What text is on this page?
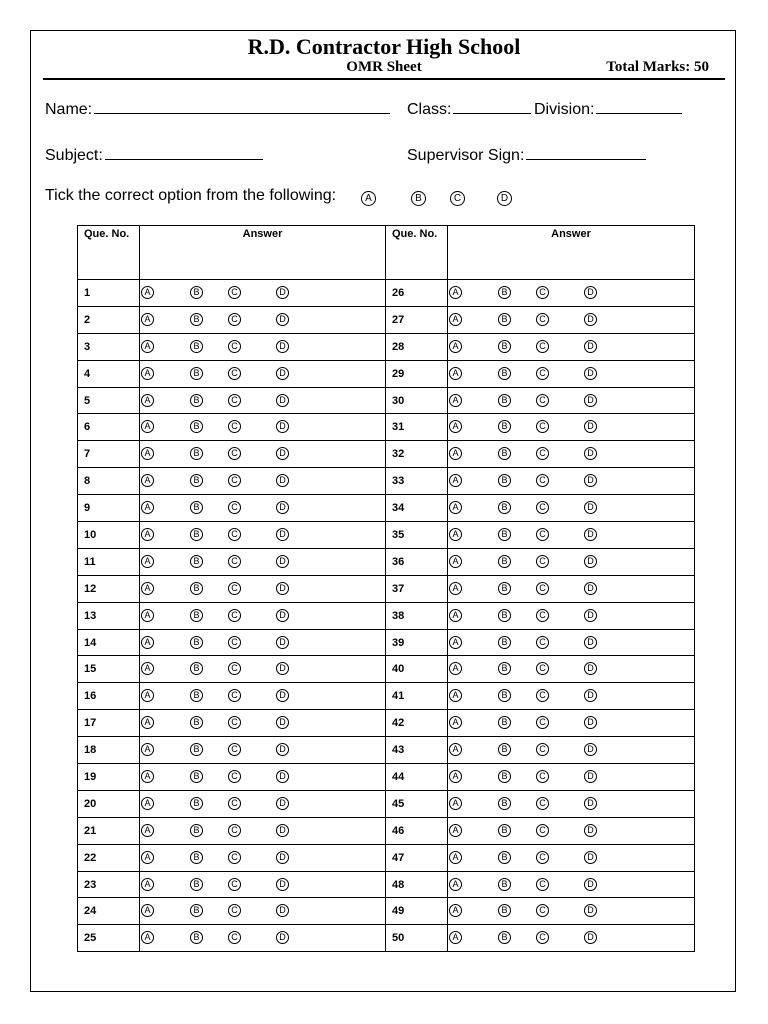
R.D. Contractor High School
OMR Sheet	Total Marks: 50
Name:	Class:	Division:
Subject:	Supervisor Sign:
Tick the correct option from the following:	A	B	C	D
Que. No.	Answer	Que. No.	Answer
1	A B C D	26	A B C D

2	A B C D	27	A B C D

3	A B C D	28	A B C D

4	A B C D	29	A B C D

5	A B C D	30	A B C D

6	A B C D	31	A B C D

7	A B C D	32	A B C D

8	A B C D	33	A B C D

9	A B C D	34	A B C D

10	A B C D	35	A B C D

11	A B C D	36	A B C D

12	A B C D	37	A B C D

13	A B C D	38	A B C D

14	A B C D	39	A B C D

15	A B C D	40	A B C D

16	A B C D	41	A B C D

17	A B C D	42	A B C D

18	A B C D	43	A B C D

19	A B C D	44	A B C D

20	A B C D	45	A B C D

21	A B C D	46	A B C D

22	A B C D	47	A B C D

23	A B C D	48	A B C D

24	A B C D	49	A B C D

25	A B C D	50	A B C D
